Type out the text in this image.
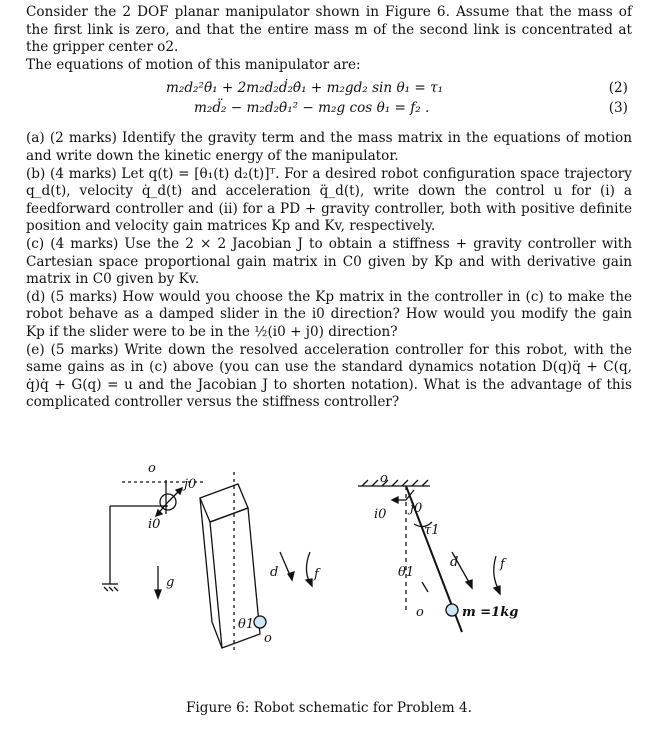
Consider the 2 DOF planar manipulator shown in Figure 6. Assume that the mass of the first link is zero, and that the entire mass m of the second link is concentrated at the gripper center o2.

The equations of motion of this manipulator are:

m₂d₂²θ̈₁ + 2m₂d₂ḋ₂θ̇₁ + m₂gd₂ sin θ₁ = τ₁	(2)
m₂d̈₂ − m₂d₂θ̇₁² − m₂g cos θ₁ = f₂ .	(3)

(a) (2 marks) Identify the gravity term and the mass matrix in the equations of motion and write down the kinetic energy of the manipulator.

(b) (4 marks) Let q(t) = [θ₁(t) d₂(t)]ᵀ. For a desired robot configuration space trajectory q_d(t), velocity q̇_d(t) and acceleration q̈_d(t), write down the control u for (i) a feedforward controller and (ii) for a PD + gravity controller, both with positive definite position and velocity gain matrices Kp and Kv, respectively.

(c) (4 marks) Use the 2 × 2 Jacobian J to obtain a stiffness + gravity controller with Cartesian space proportional gain matrix in C0 given by Kp and with derivative gain matrix in C0 given by Kv.

(d) (5 marks) How would you choose the Kp matrix in the controller in (c) to make the robot behave as a damped slider in the i0 direction? How would you modify the gain Kp if the slider were to be in the ½(i0 + j0) direction?

(e) (5 marks) Write down the resolved acceleration controller for this robot, with the same gains as in (c) above (you can use the standard dynamics notation D(q)q̈ + C(q, q̇)q̇ + G(q) = u and the Jacobian J to shorten notation). What is the advantage of this complicated controller versus the stiffness controller?

o
j0
i0
g
d	f
θ1
o
o
i0 j0
τ1
θ1
d	f
o	m =1kg
Figure 6: Robot schematic for Problem 4.
